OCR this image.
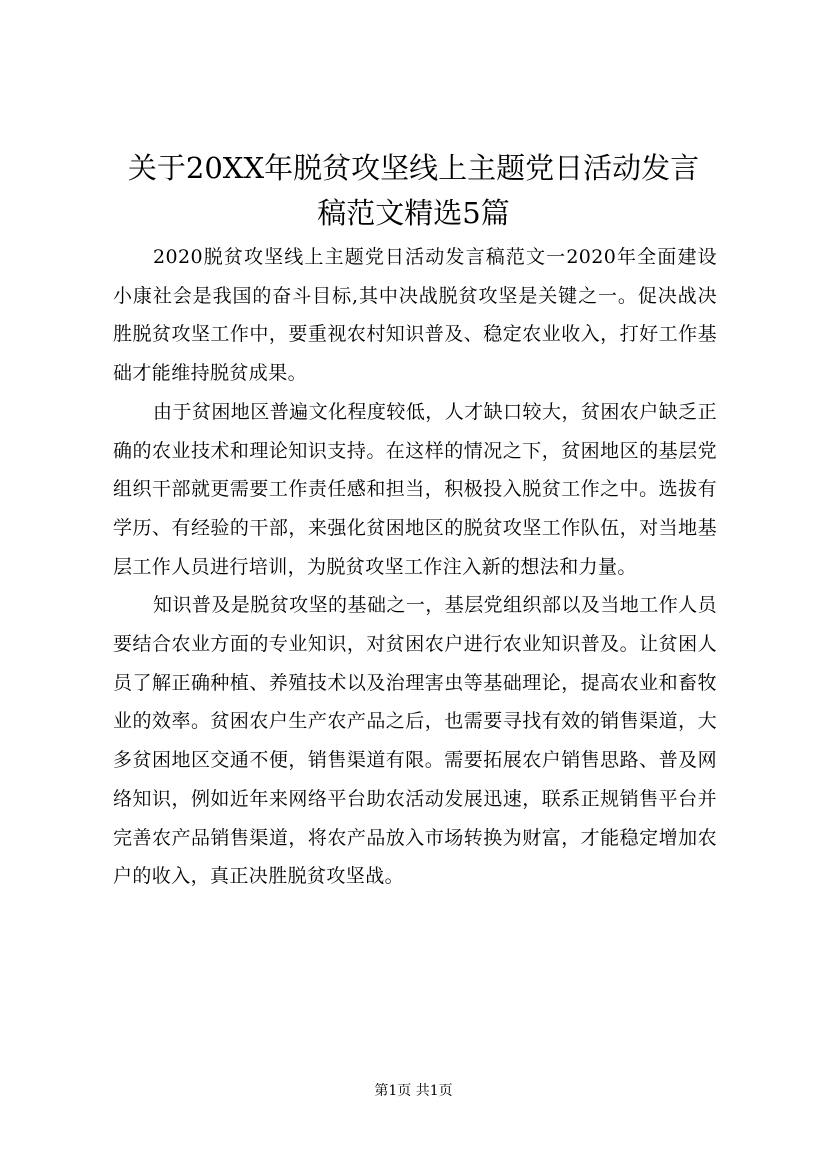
关于20XX年脱贫攻坚线上主题党日活动发言
稿范文精选5篇

2020脱贫攻坚线上主题党日活动发言稿范文一2020年全面建设小康社会是我国的奋斗目标,其中决战脱贫攻坚是关键之一。促决战决胜脱贫攻坚工作中，要重视农村知识普及、稳定农业收入，打好工作基础才能维持脱贫成果。

由于贫困地区普遍文化程度较低，人才缺口较大，贫困农户缺乏正确的农业技术和理论知识支持。在这样的情况之下，贫困地区的基层党组织干部就更需要工作责任感和担当，积极投入脱贫工作之中。选拔有学历、有经验的干部，来强化贫困地区的脱贫攻坚工作队伍，对当地基层工作人员进行培训，为脱贫攻坚工作注入新的想法和力量。

知识普及是脱贫攻坚的基础之一，基层党组织部以及当地工作人员要结合农业方面的专业知识，对贫困农户进行农业知识普及。让贫困人员了解正确种植、养殖技术以及治理害虫等基础理论，提高农业和畜牧业的效率。贫困农户生产农产品之后，也需要寻找有效的销售渠道，大多贫困地区交通不便，销售渠道有限。需要拓展农户销售思路、普及网络知识，例如近年来网络平台助农活动发展迅速，联系正规销售平台并完善农产品销售渠道，将农产品放入市场转换为财富，才能稳定增加农户的收入，真正决胜脱贫攻坚战。

第1页 共1页
